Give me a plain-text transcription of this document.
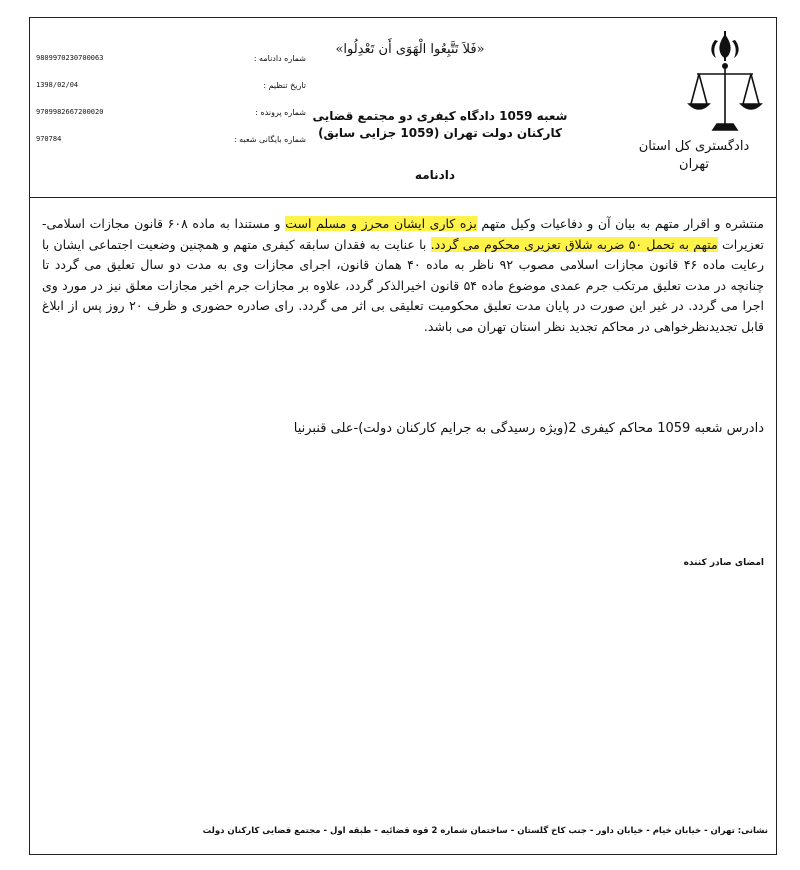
دادگستری کل استان
تهران
«فَلاَ تَتَّبِعُوا الْهَوَى أَن تَعْدِلُوا»
شعبه 1059 دادگاه کیفری دو مجتمع قضایی
کارکنان دولت تهران (1059 جزایی سابق)
شماره دادنامه :
9809970230700063
تاریخ تنظیم :
1398/02/04
شماره پرونده :
9709982667200020
شماره بایگانی شعبه :
970784
دادنامه
منتشره و اقرار متهم به بیان آن و دفاعیات وکیل متهم بزه کاری ایشان محرز و مسلم است و مستندا به ماده ۶۰۸ قانون مجازات اسلامی-تعزیرات متهم به تحمل ۵۰ ضربه شلاق تعزیری محکوم می گردد. با عنایت به فقدان سابقه کیفری متهم و همچنین وضعیت اجتماعی ایشان با رعایت ماده ۴۶ قانون مجازات اسلامی مصوب ۹۲ ناظر به ماده ۴۰ همان قانون، اجرای مجازات وی به مدت دو سال تعلیق می گردد تا چنانچه در مدت تعلیق مرتکب جرم عمدی موضوع ماده ۵۴ قانون اخیرالذکر گردد، علاوه بر مجازات جرم اخیر مجازات معلق نیز در مورد وی اجرا می گردد. در غیر این صورت در پایان مدت تعلیق محکومیت تعلیقی بی اثر می گردد. رای صادره حضوری و ظرف ۲۰ روز پس از ابلاغ قابل تجدیدنظرخواهی در محاکم تجدید نظر استان تهران می باشد.
دادرس شعبه 1059 محاکم کیفری 2(ویژه رسیدگی به جرایم کارکنان دولت)-علی قنبرنیا
امضای صادر کننده
نشانی: تهران - خیابان خیام - خیابان داور - جنب کاخ گلستان - ساختمان شماره 2 قوه قضائیه - طبقه اول - مجتمع قضایی کارکنان دولت
